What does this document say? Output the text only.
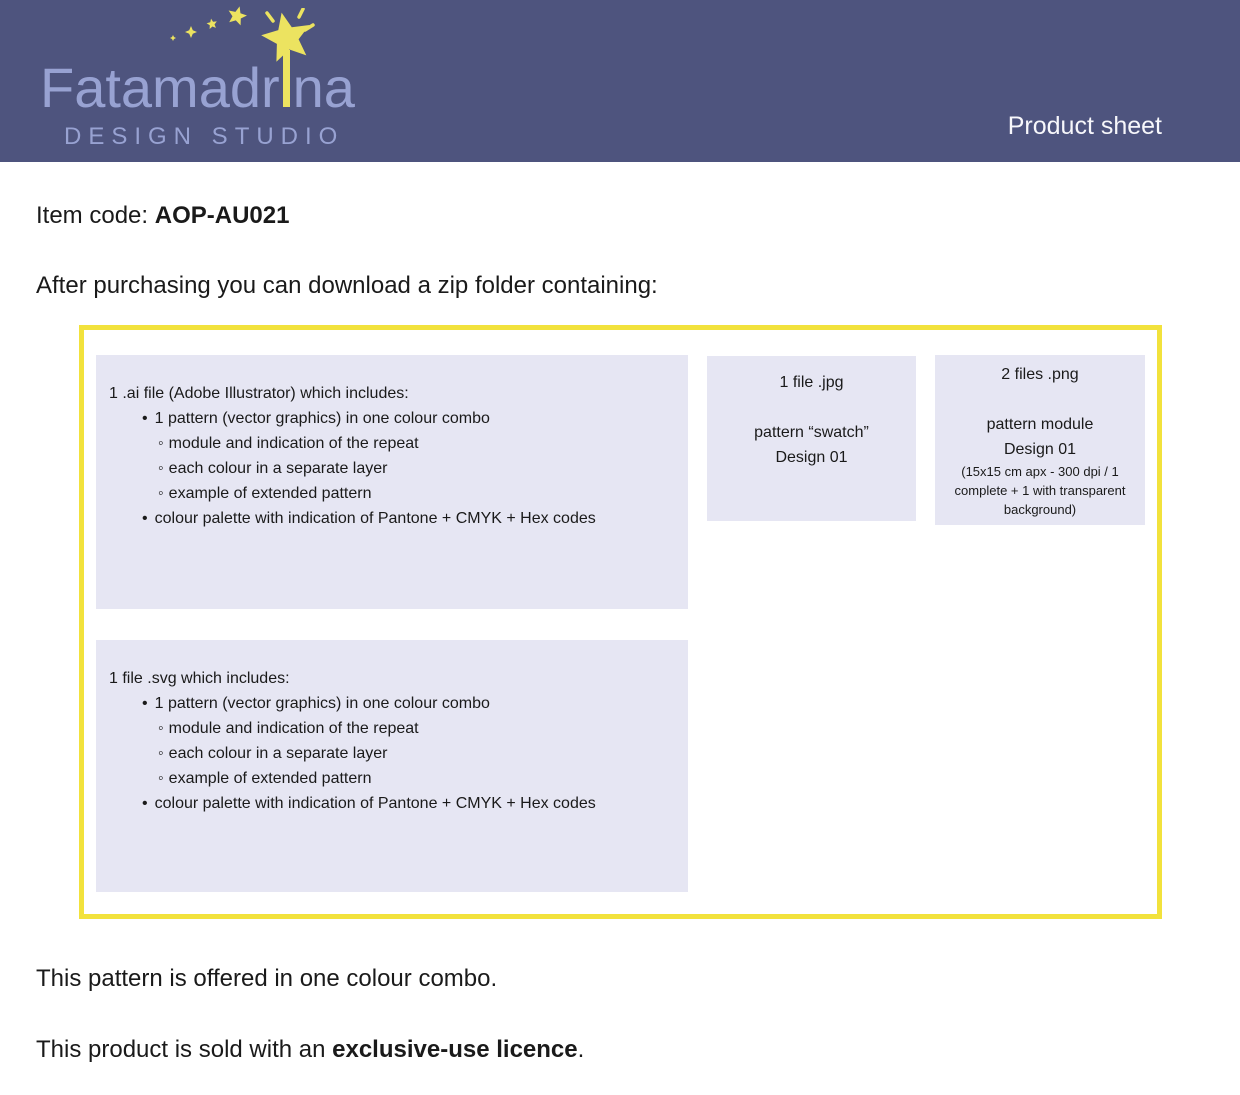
Fatamadr na
DESIGN STUDIO	Product sheet
Item code: AOP-AU021
After purchasing you can download a zip folder containing:
1 .ai file (Adobe Illustrator) which includes:
• 1 pattern (vector graphics) in one colour combo
◦ module and indication of the repeat
◦ each colour in a separate layer
◦ example of extended pattern
• colour palette with indication of Pantone + CMYK + Hex codes
1 file .jpg
pattern “swatch”
Design 01
2 files .png
pattern module
Design 01
(15x15 cm apx - 300 dpi / 1 complete + 1 with transparent background)
1 file .svg which includes:
• 1 pattern (vector graphics) in one colour combo
◦ module and indication of the repeat
◦ each colour in a separate layer
◦ example of extended pattern
• colour palette with indication of Pantone + CMYK + Hex codes
This pattern is offered in one colour combo.
This product is sold with an exclusive-use licence.
